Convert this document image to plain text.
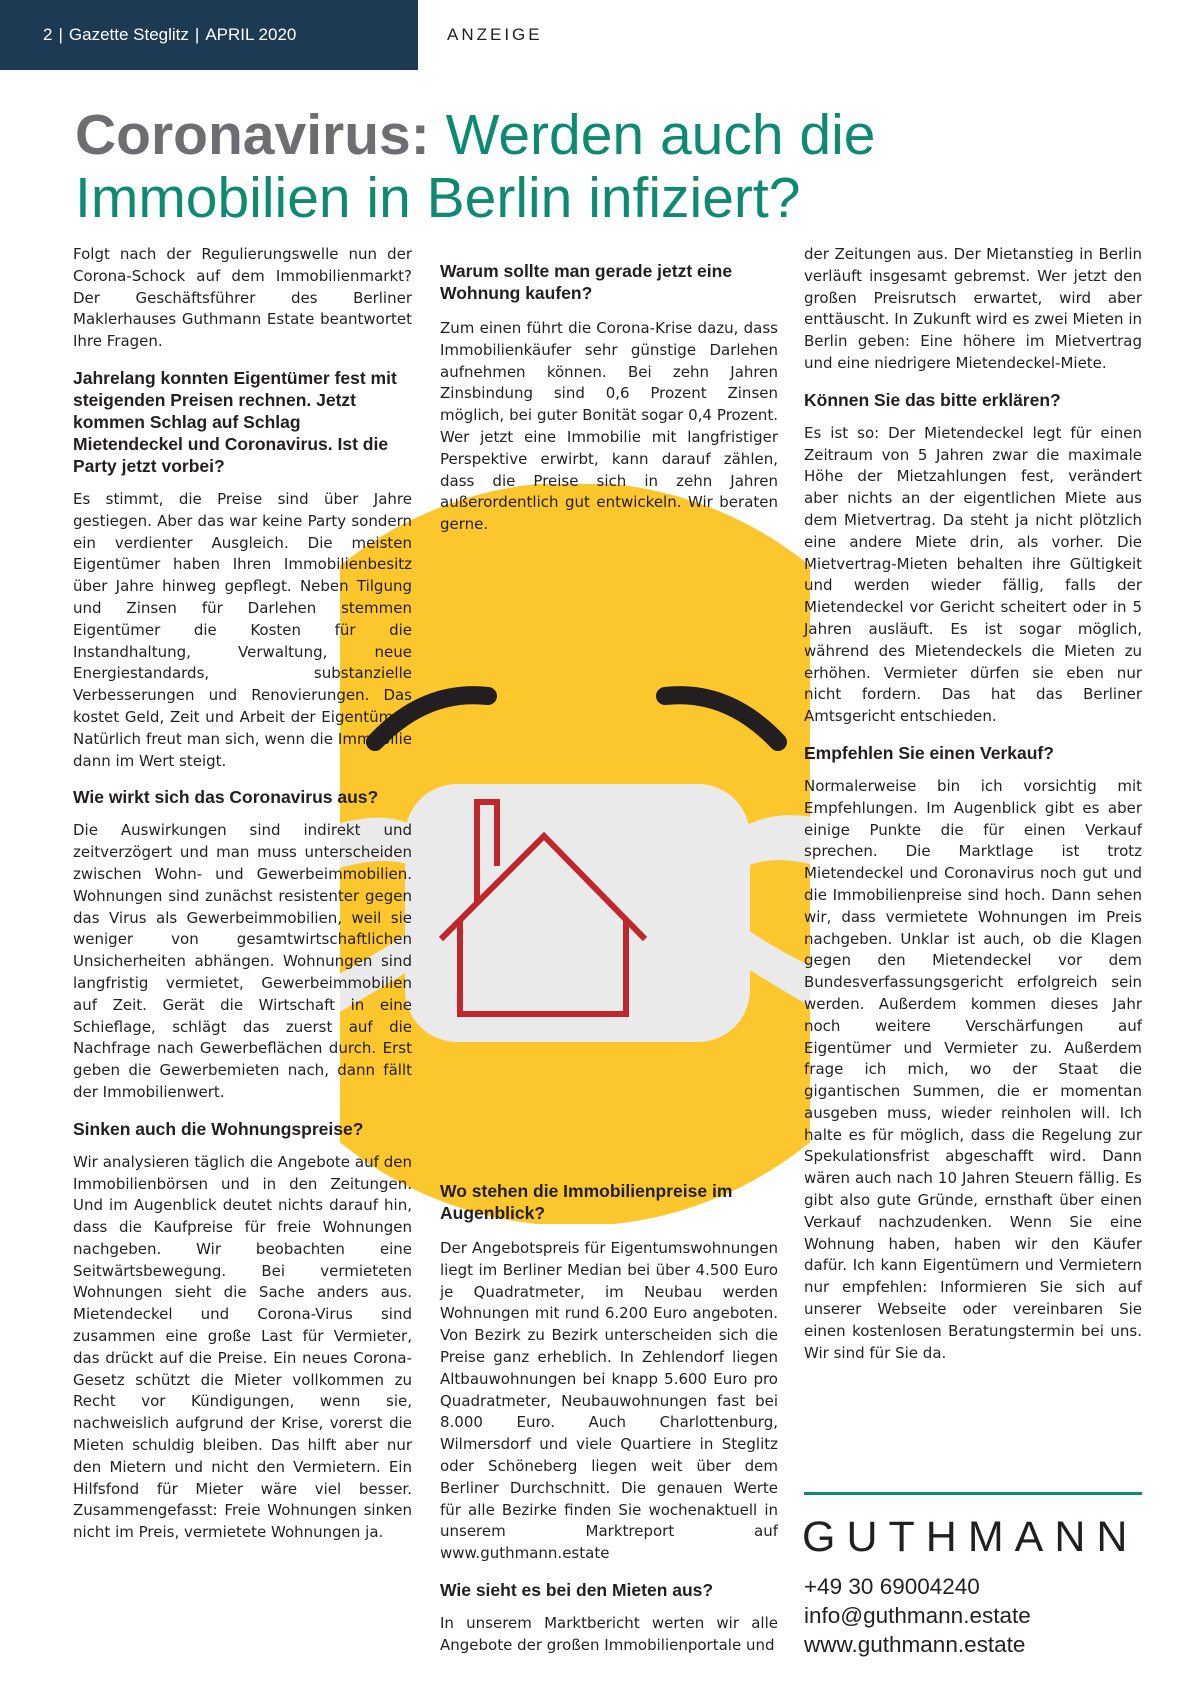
2 | Gazette Steglitz | APRIL 2020	ANZEIGE
Coronavirus: Werden auch die
Immobilien in Berlin infiziert?

Folgt nach der Regulierungswelle nun der Corona-Schock auf dem Immobilienmarkt? Der Geschäftsführer des Berliner Maklerhauses Guthmann Estate beantwortet Ihre Fragen.

Jahrelang konnten Eigentümer fest mit steigenden Preisen rechnen. Jetzt kommen Schlag auf Schlag Mietendeckel und Coronavirus. Ist die Party jetzt vorbei?

Es stimmt, die Preise sind über Jahre gestiegen. Aber das war keine Party sondern ein verdienter Ausgleich. Die meisten Eigentümer haben Ihren Immobilienbesitz über Jahre hinweg gepflegt. Neben Tilgung und Zinsen für Darlehen stemmen Eigentümer die Kosten für die Instandhaltung, Verwaltung, neue Energiestandards, substanzielle Verbesserungen und Renovierungen. Das kostet Geld, Zeit und Arbeit der Eigentümer. Natürlich freut man sich, wenn die Immobilie dann im Wert steigt.

Wie wirkt sich das Coronavirus aus?

Die Auswirkungen sind indirekt und zeitverzögert und man muss unterscheiden zwischen Wohn- und Gewerbeimmobilien. Wohnungen sind zunächst resistenter gegen das Virus als Gewerbeimmobilien, weil sie weniger von gesamtwirtschaftlichen Unsicherheiten abhängen. Wohnungen sind langfristig vermietet, Gewerbeimmobilien auf Zeit. Gerät die Wirtschaft in eine Schieflage, schlägt das zuerst auf die Nachfrage nach Gewerbeflächen durch. Erst geben die Gewerbemieten nach, dann fällt der Immobilienwert.

Sinken auch die Wohnungspreise?

Wir analysieren täglich die Angebote auf den Immobilienbörsen und in den Zeitungen. Und im Augenblick deutet nichts darauf hin, dass die Kaufpreise für freie Wohnungen nachgeben. Wir beobachten eine Seitwärtsbewegung. Bei vermieteten Wohnungen sieht die Sache anders aus. Mietendeckel und Corona-Virus sind zusammen eine große Last für Vermieter, das drückt auf die Preise. Ein neues Corona-Gesetz schützt die Mieter vollkommen zu Recht vor Kündigungen, wenn sie, nachweislich aufgrund der Krise, vorerst die Mieten schuldig bleiben. Das hilft aber nur den Mietern und nicht den Vermietern. Ein Hilfsfond für Mieter wäre viel besser. Zusammengefasst: Freie Wohnungen sinken nicht im Preis, vermietete Wohnungen ja.

Warum sollte man gerade jetzt eine Wohnung kaufen?

Zum einen führt die Corona-Krise dazu, dass Immobilienkäufer sehr günstige Darlehen aufnehmen können. Bei zehn Jahren Zinsbindung sind 0,6 Prozent Zinsen möglich, bei guter Bonität sogar 0,4 Prozent. Wer jetzt eine Immobilie mit langfristiger Perspektive erwirbt, kann darauf zählen, dass die Preise sich in zehn Jahren außerordentlich gut entwickeln. Wir beraten gerne.

Wo stehen die Immobilienpreise im Augenblick?

Der Angebotspreis für Eigentumswohnungen liegt im Berliner Median bei über 4.500 Euro je Quadratmeter, im Neubau werden Wohnungen mit rund 6.200 Euro angeboten. Von Bezirk zu Bezirk unterscheiden sich die Preise ganz erheblich. In Zehlendorf liegen Altbauwohnungen bei knapp 5.600 Euro pro Quadratmeter, Neubauwohnungen fast bei 8.000 Euro. Auch Charlottenburg, Wilmersdorf und viele Quartiere in Steglitz oder Schöneberg liegen weit über dem Berliner Durchschnitt. Die genauen Werte für alle Bezirke finden Sie wochenaktuell in unserem Marktreport auf www.guthmann.estate

Wie sieht es bei den Mieten aus?

In unserem Marktbericht werten wir alle Angebote der großen Immobilienportale und

der Zeitungen aus. Der Mietanstieg in Berlin verläuft insgesamt gebremst. Wer jetzt den großen Preisrutsch erwartet, wird aber enttäuscht. In Zukunft wird es zwei Mieten in Berlin geben: Eine höhere im Mietvertrag und eine niedrigere Mietendeckel-Miete.

Können Sie das bitte erklären?

Es ist so: Der Mietendeckel legt für einen Zeitraum von 5 Jahren zwar die maximale Höhe der Mietzahlungen fest, verändert aber nichts an der eigentlichen Miete aus dem Mietvertrag. Da steht ja nicht plötzlich eine andere Miete drin, als vorher. Die Mietvertrag-Mieten behalten ihre Gültigkeit und werden wieder fällig, falls der Mietendeckel vor Gericht scheitert oder in 5 Jahren ausläuft. Es ist sogar möglich, während des Mietendeckels die Mieten zu erhöhen. Vermieter dürfen sie eben nur nicht fordern. Das hat das Berliner Amtsgericht entschieden.

Empfehlen Sie einen Verkauf?

Normalerweise bin ich vorsichtig mit Empfehlungen. Im Augenblick gibt es aber einige Punkte die für einen Verkauf sprechen. Die Marktlage ist trotz Mietendeckel und Coronavirus noch gut und die Immobilienpreise sind hoch. Dann sehen wir, dass vermietete Wohnungen im Preis nachgeben. Unklar ist auch, ob die Klagen gegen den Mietendeckel vor dem Bundesverfassungsgericht erfolgreich sein werden. Außerdem kommen dieses Jahr noch weitere Verschärfungen auf Eigentümer und Vermieter zu. Außerdem frage ich mich, wo der Staat die gigantischen Summen, die er momentan ausgeben muss, wieder reinholen will. Ich halte es für möglich, dass die Regelung zur Spekulationsfrist abgeschafft wird. Dann wären auch nach 10 Jahren Steuern fällig. Es gibt also gute Gründe, ernsthaft über einen Verkauf nachzudenken. Wenn Sie eine Wohnung haben, haben wir den Käufer dafür. Ich kann Eigentümern und Vermietern nur empfehlen: Informieren Sie sich auf unserer Webseite oder vereinbaren Sie einen kostenlosen Beratungstermin bei uns. Wir sind für Sie da.

GUTHMANN
+49 30 69004240
info@guthmann.estate
www.guthmann.estate
